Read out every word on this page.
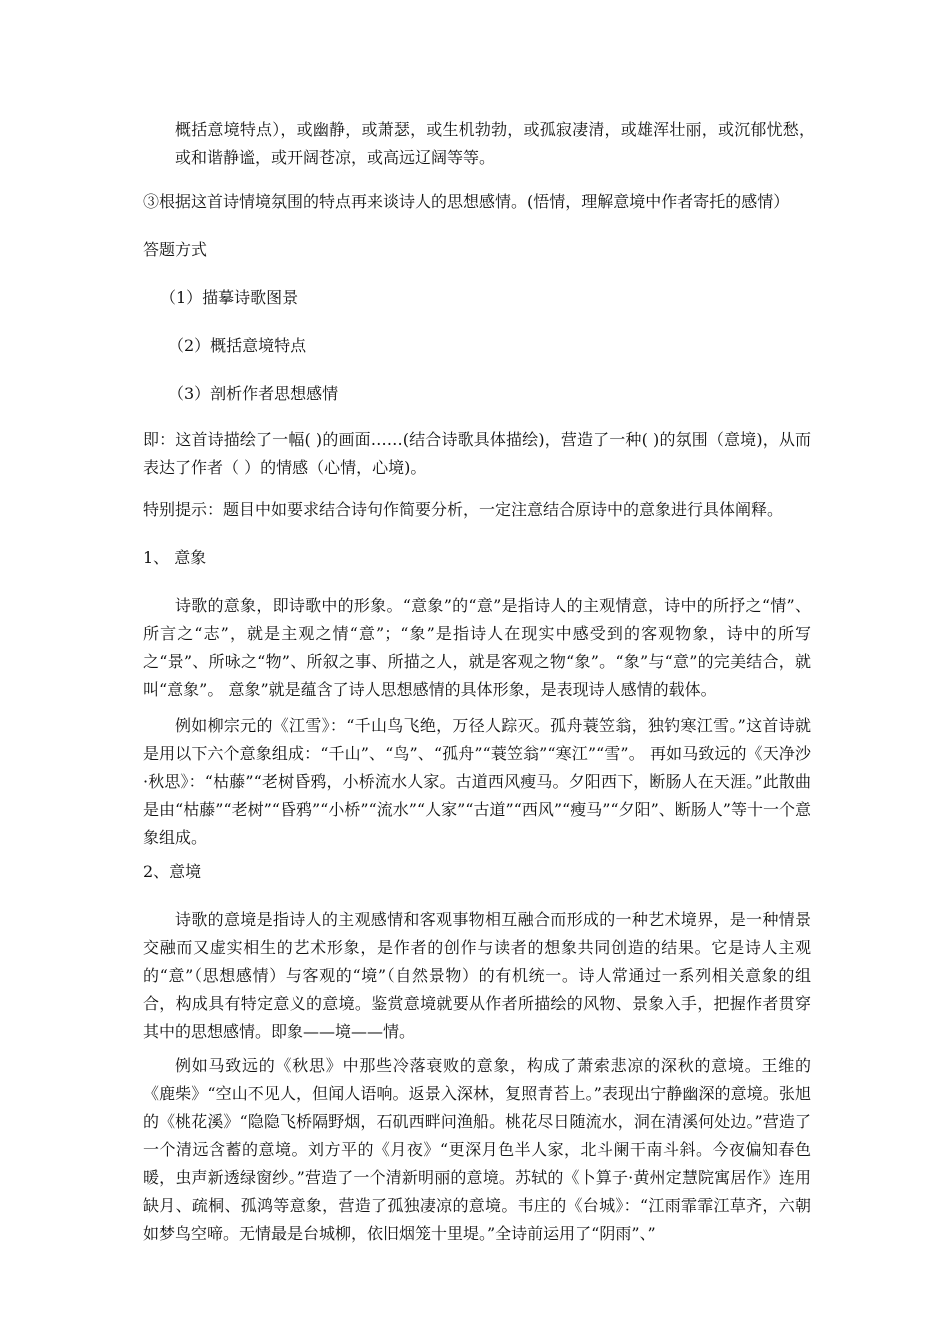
概括意境特点），或幽静，或萧瑟，或生机勃勃，或孤寂凄清，或雄浑壮丽，或沉郁忧愁，或和谐静谧，或开阔苍凉，或高远辽阔等等。

③根据这首诗情境氛围的特点再来谈诗人的思想感情。(悟情，理解意境中作者寄托的感情）

答题方式

（1）描摹诗歌图景

（2）概括意境特点

（3）剖析作者思想感情

即：这首诗描绘了一幅( )的画面……(结合诗歌具体描绘)，营造了一种( )的氛围（意境)，从而表达了作者（ ）的情感（心情，心境)。

特别提示：题目中如要求结合诗句作简要分析，一定注意结合原诗中的意象进行具体阐释。

1、 意象

诗歌的意象，即诗歌中的形象。“意象”的“意”是指诗人的主观情意，诗中的所抒之“情”、所言之“志”，就是主观之情“意”；“象”是指诗人在现实中感受到的客观物象，诗中的所写之“景”、所咏之“物”、所叙之事、所描之人，就是客观之物“象”。“象”与“意”的完美结合，就叫“意象”。 意象”就是蕴含了诗人思想感情的具体形象，是表现诗人感情的载体。

例如柳宗元的《江雪》：“千山鸟飞绝，万径人踪灭。孤舟蓑笠翁，独钓寒江雪。”这首诗就是用以下六个意象组成：“千山”、“鸟”、“孤舟”“蓑笠翁”“寒江”“雪”。 再如马致远的《天净沙·秋思》：“枯藤”“老树昏鸦，小桥流水人家。古道西风瘦马。夕阳西下，断肠人在天涯。”此散曲是由“枯藤”“老树”“昏鸦”“小桥”“流水”“人家”“古道”“西风”“瘦马”“夕阳”、断肠人”等十一个意象组成。

2、意境

诗歌的意境是指诗人的主观感情和客观事物相互融合而形成的一种艺术境界，是一种情景交融而又虚实相生的艺术形象，是作者的创作与读者的想象共同创造的结果。它是诗人主观的“意”（思想感情）与客观的“境”（自然景物）的有机统一。诗人常通过一系列相关意象的组合，构成具有特定意义的意境。鉴赏意境就要从作者所描绘的风物、景象入手，把握作者贯穿其中的思想感情。即象——境——情。

例如马致远的《秋思》中那些冷落衰败的意象，构成了萧索悲凉的深秋的意境。王维的《鹿柴》“空山不见人，但闻人语响。返景入深林，复照青苔上。”表现出宁静幽深的意境。张旭的《桃花溪》“隐隐飞桥隔野烟，石矶西畔问渔船。桃花尽日随流水，洞在清溪何处边。”营造了一个清远含蓄的意境。刘方平的《月夜》“更深月色半人家，北斗阑干南斗斜。今夜偏知春色暖，虫声新透绿窗纱。”营造了一个清新明丽的意境。苏轼的《卜算子·黄州定慧院寓居作》连用缺月、疏桐、孤鸿等意象，营造了孤独凄凉的意境。韦庄的《台城》：“江雨霏霏江草齐，六朝如梦鸟空啼。无情最是台城柳，依旧烟笼十里堤。”全诗前运用了“阴雨”、”
